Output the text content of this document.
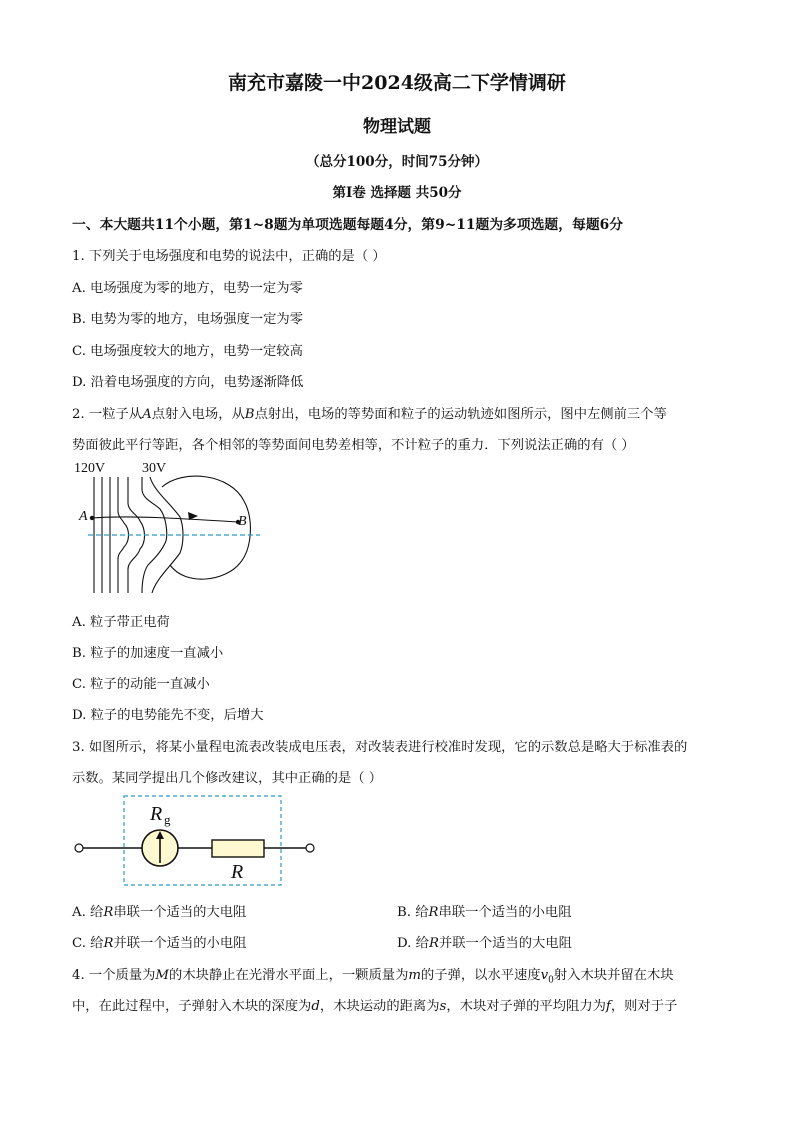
南充市嘉陵一中2024级高二下学情调研
物理试题
（总分100分，时间75分钟）
第Ⅰ卷 选择题 共50分
一、本大题共11个小题，第1~8题为单项选题每题4分，第9~11题为多项选题，每题6分
1. 下列关于电场强度和电势的说法中，正确的是（ ）
A. 电场强度为零的地方，电势一定为零
B. 电势为零的地方，电场强度一定为零
C. 电场强度较大的地方，电势一定较高
D. 沿着电场强度的方向，电势逐渐降低
2. 一粒子从A点射入电场，从B点射出，电场的等势面和粒子的运动轨迹如图所示，图中左侧前三个等
势面彼此平行等距，各个相邻的等势面间电势差相等，不计粒子的重力．下列说法正确的有（ ）
120V	30V
A	B
A. 粒子带正电荷
B. 粒子的加速度一直减小
C. 粒子的动能一直减小
D. 粒子的电势能先不变，后增大
3. 如图所示，将某小量程电流表改装成电压表，对改装表进行校准时发现，它的示数总是略大于标准表的
示数。某同学提出几个修改建议，其中正确的是（ ）
R g
R
A. 给R串联一个适当的大电阻	B. 给R串联一个适当的小电阻
C. 给R并联一个适当的小电阻	D. 给R并联一个适当的大电阻
4. 一个质量为M的木块静止在光滑水平面上，一颗质量为m的子弹，以水平速度$v_0$射入木块并留在木块
中，在此过程中，子弹射入木块的深度为d，木块运动的距离为s，木块对子弹的平均阻力为f，则对于子
